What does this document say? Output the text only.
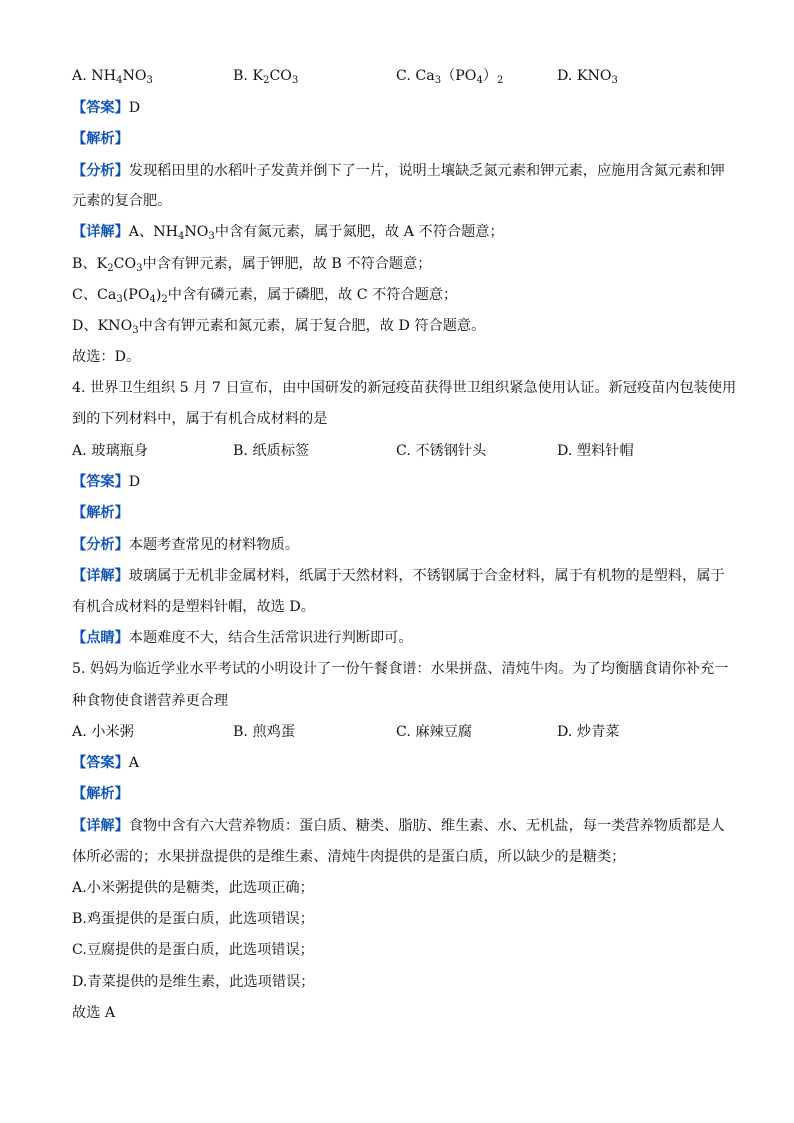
A. $NH_4NO_3$	B. $K_2CO_3$	C. $Ca_3(PO_4)_2$	D. $KNO_3$
【答案】D
【解析】
【分析】发现稻田里的水稻叶子发黄并倒下了一片，说明土壤缺乏氮元素和钾元素，应施用含氮元素和钾
元素的复合肥。
【详解】A、$NH_4NO_3$中含有氮元素，属于氮肥，故 A 不符合题意；
B、$K_2CO_3$中含有钾元素，属于钾肥，故 B 不符合题意；
C、$Ca_3(PO_4)_2$中含有磷元素，属于磷肥，故 C 不符合题意；
D、$KNO_3$中含有钾元素和氮元素，属于复合肥，故 D 符合题意。
故选：D。
4. 世界卫生组织 5 月 7 日宣布，由中国研发的新冠疫苗获得世卫组织紧急使用认证。新冠疫苗内包装使用
到的下列材料中，属于有机合成材料的是
A. 玻璃瓶身	B. 纸质标签	C. 不锈钢针头	D. 塑料针帽
【答案】D
【解析】
【分析】本题考查常见的材料物质。
【详解】玻璃属于无机非金属材料，纸属于天然材料，不锈钢属于合金材料，属于有机物的是塑料，属于
有机合成材料的是塑料针帽，故选 D。
【点睛】本题难度不大，结合生活常识进行判断即可。
5. 妈妈为临近学业水平考试的小明设计了一份午餐食谱：水果拼盘、清炖牛肉。为了均衡膳食请你补充一
种食物使食谱营养更合理
A. 小米粥	B. 煎鸡蛋	C. 麻辣豆腐	D. 炒青菜
【答案】A
【解析】
【详解】食物中含有六大营养物质：蛋白质、糖类、脂肪、维生素、水、无机盐，每一类营养物质都是人
体所必需的；水果拼盘提供的是维生素、清炖牛肉提供的是蛋白质，所以缺少的是糖类；
A.小米粥提供的是糖类，此选项正确；
B.鸡蛋提供的是蛋白质，此选项错误；
C.豆腐提供的是蛋白质，此选项错误；
D.青菜提供的是维生素，此选项错误；
故选 A
